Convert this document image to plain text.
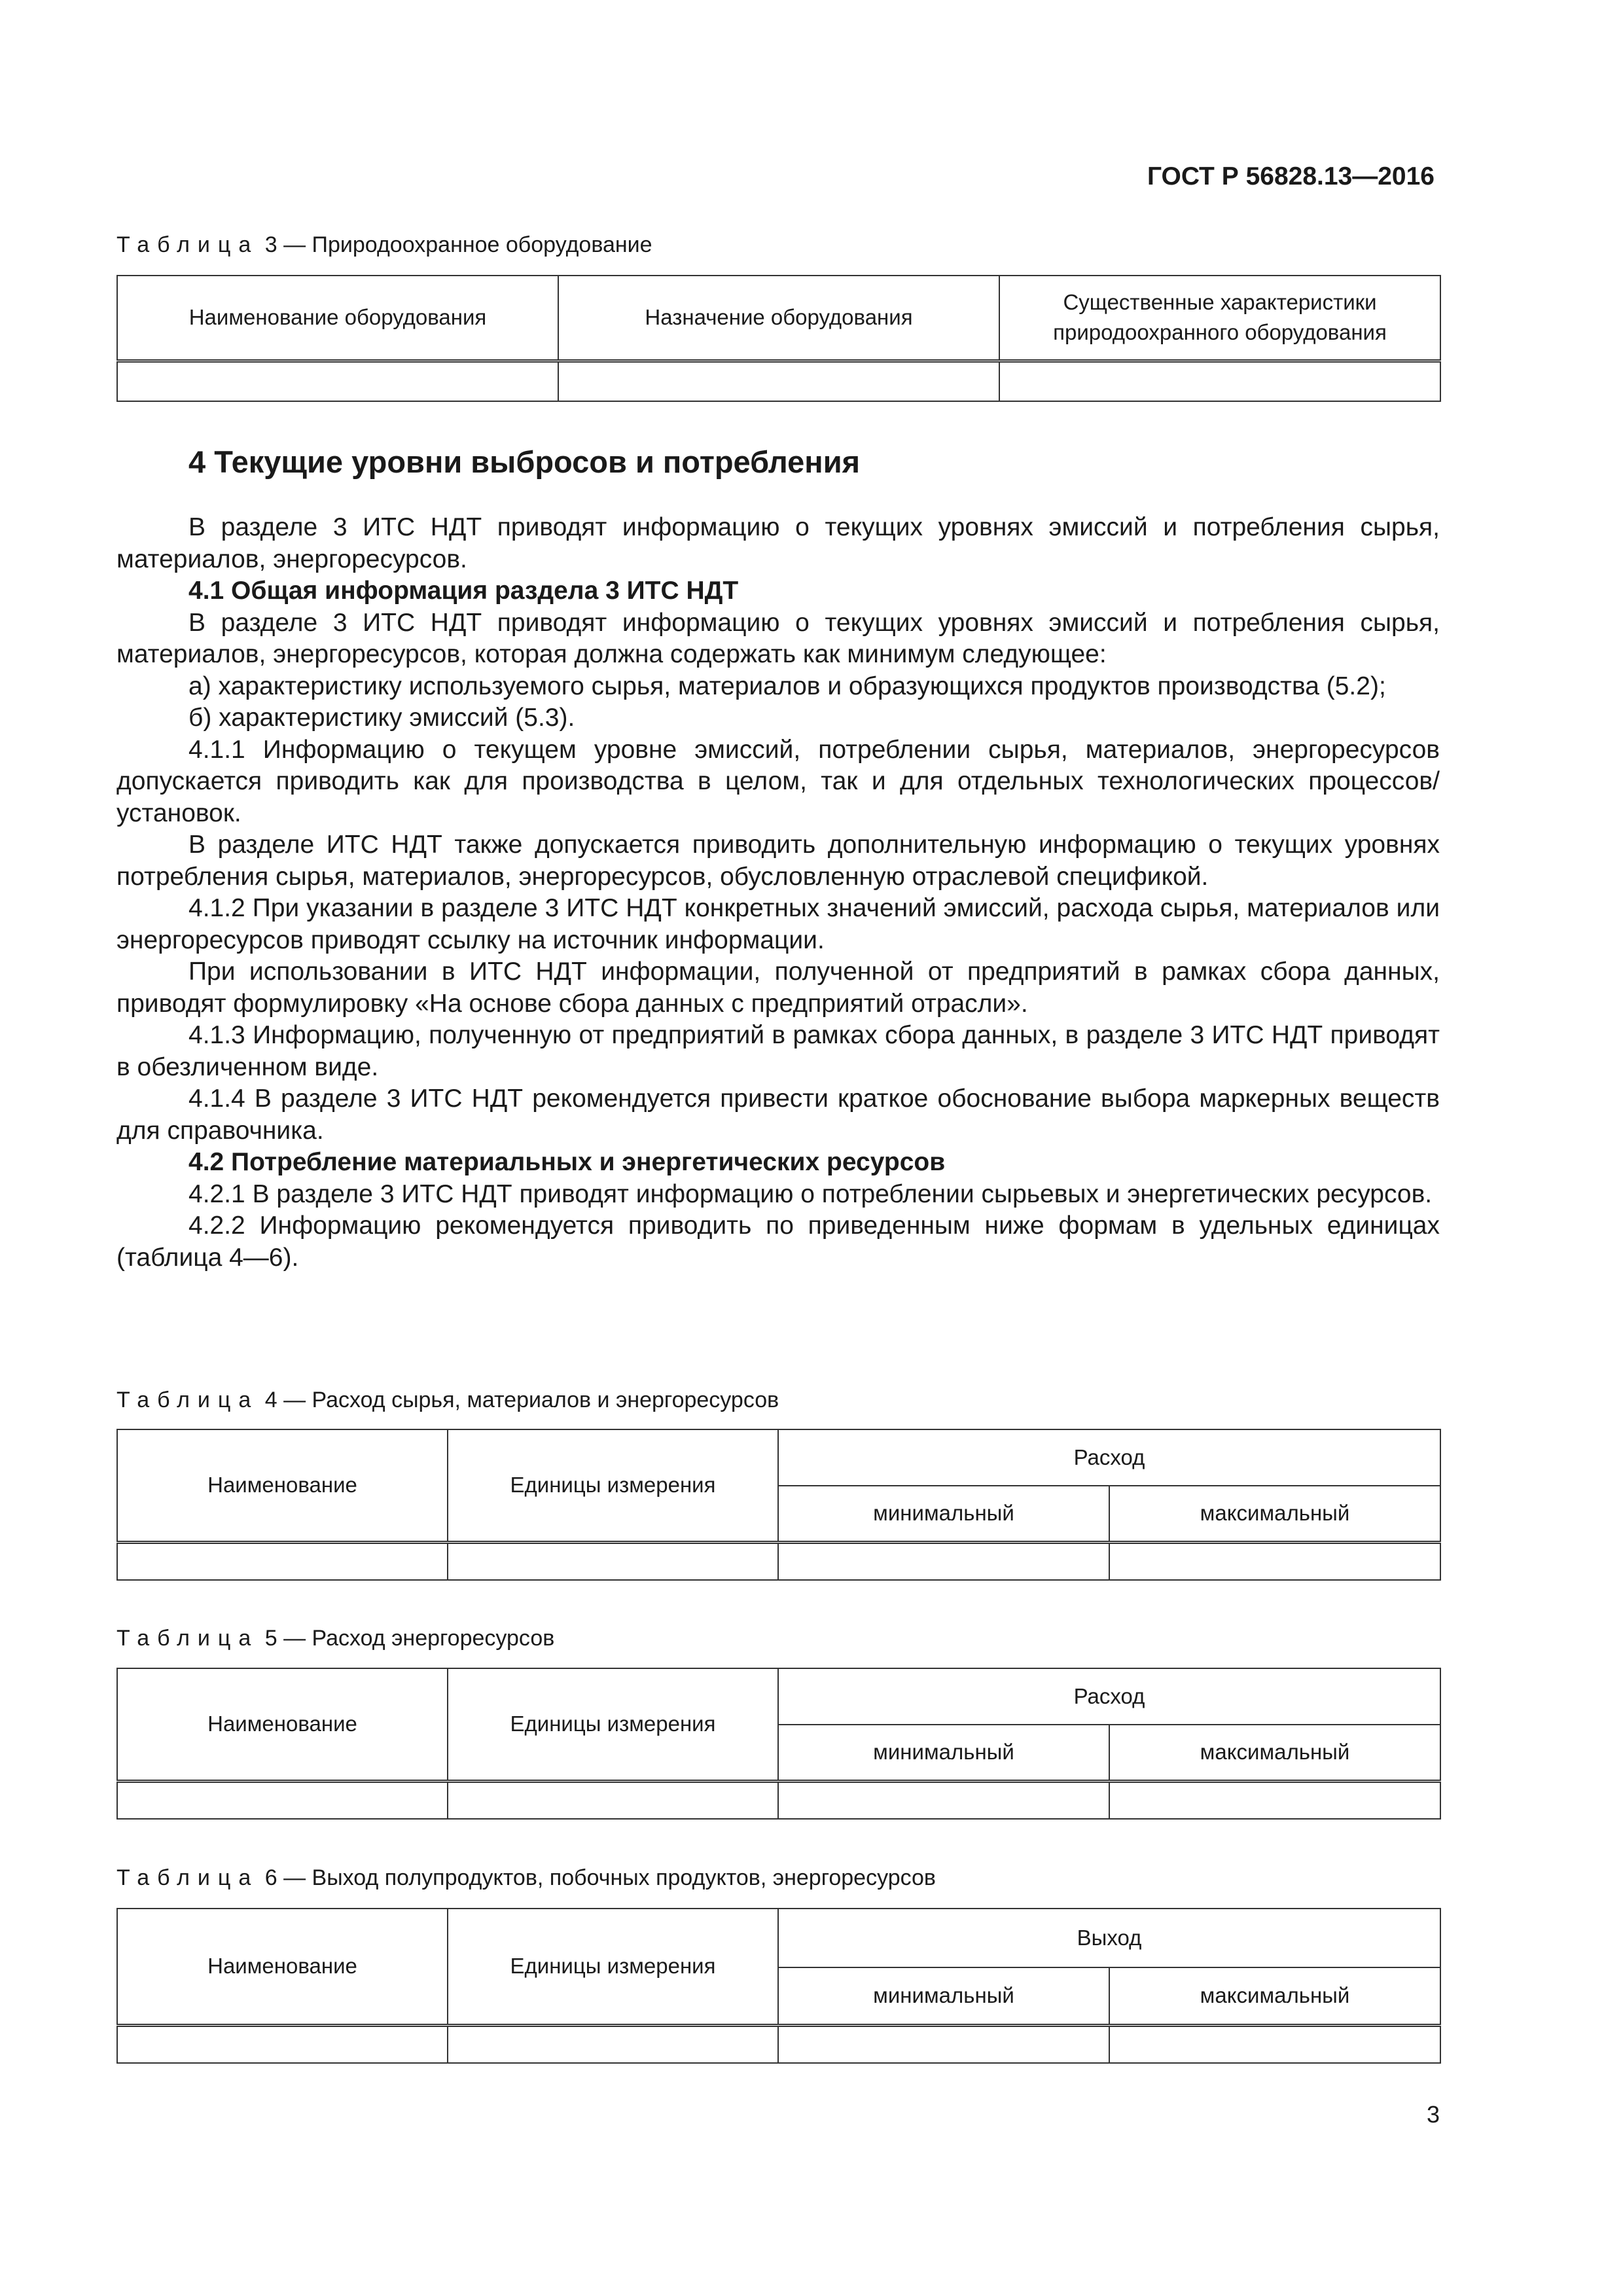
ГОСТ Р 56828.13—2016
Таблица 3 — Природоохранное оборудование
Наименование оборудования	Назначение оборудования	Существенные характеристики природоохранного оборудования

4 Текущие уровни выбросов и потребления

В разделе 3 ИТС НДТ приводят информацию о текущих уровнях эмиссий и потребления сырья, материалов, энергоресурсов.

4.1 Общая информация раздела 3 ИТС НДТ

В разделе 3 ИТС НДТ приводят информацию о текущих уровнях эмиссий и потребления сырья, материалов, энергоресурсов, которая должна содержать как минимум следующее:

а) характеристику используемого сырья, материалов и образующихся продуктов производства (5.2);

б) характеристику эмиссий (5.3).

4.1.1 Информацию о текущем уровне эмиссий, потреблении сырья, материалов, энергоресурсов допускается приводить как для производства в целом, так и для отдельных технологических процессов/установок.

В разделе ИТС НДТ также допускается приводить дополнительную информацию о текущих уровнях потребления сырья, материалов, энергоресурсов, обусловленную отраслевой спецификой.

4.1.2 При указании в разделе 3 ИТС НДТ конкретных значений эмиссий, расхода сырья, материалов или энергоресурсов приводят ссылку на источник информации.

При использовании в ИТС НДТ информации, полученной от предприятий в рамках сбора данных, приводят формулировку «На основе сбора данных с предприятий отрасли».

4.1.3 Информацию, полученную от предприятий в рамках сбора данных, в разделе 3 ИТС НДТ приводят в обезличенном виде.

4.1.4 В разделе 3 ИТС НДТ рекомендуется привести краткое обоснование выбора маркерных веществ для справочника.

4.2 Потребление материальных и энергетических ресурсов

4.2.1 В разделе 3 ИТС НДТ приводят информацию о потреблении сырьевых и энергетических ресурсов.

4.2.2 Информацию рекомендуется приводить по приведенным ниже формам в удельных единицах (таблица 4—6).

Таблица 4 — Расход сырья, материалов и энергоресурсов
Наименование	Единицы измерения	Расход	
		минимальный	максимальный

Таблица 5 — Расход энергоресурсов
Наименование	Единицы измерения	Расход	
		минимальный	максимальный

Таблица 6 — Выход полупродуктов, побочных продуктов, энергоресурсов
Наименование	Единицы измерения	Выход	
		минимальный	максимальный

3
